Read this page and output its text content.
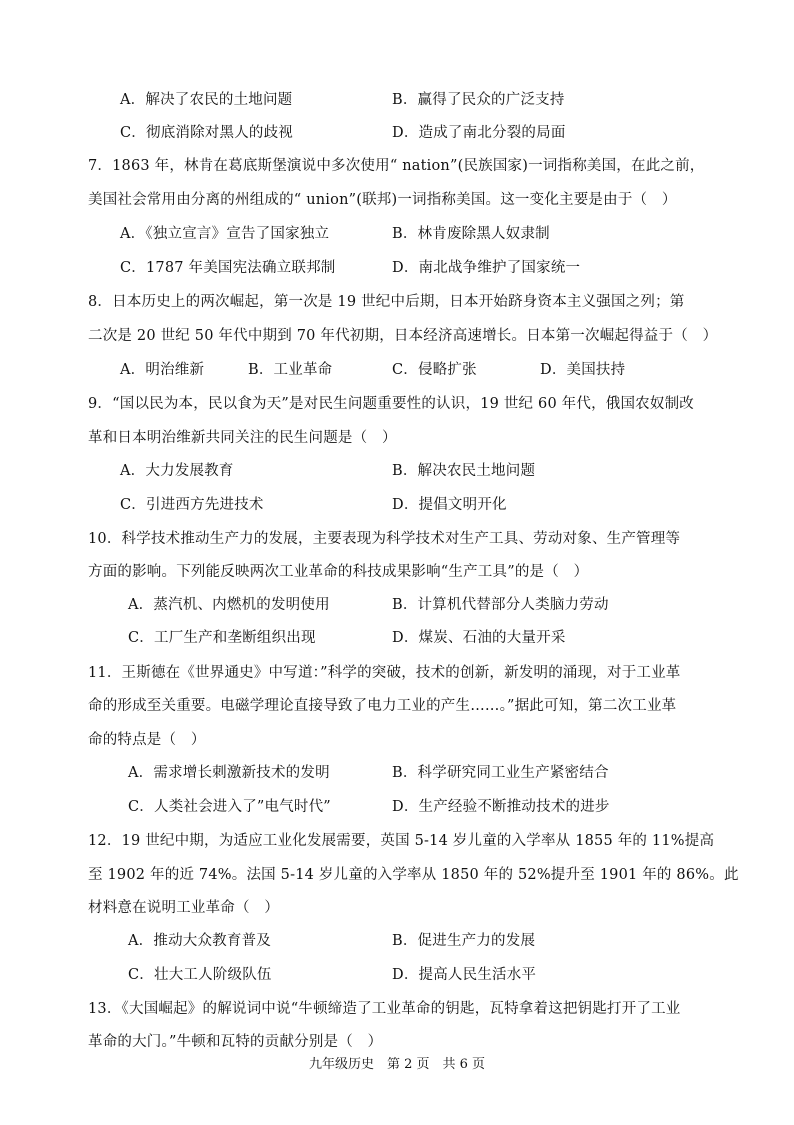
A．解决了农民的土地问题	B．赢得了民众的广泛支持
C．彻底消除对黑人的歧视	D．造成了南北分裂的局面
7．1863 年，林肯在葛底斯堡演说中多次使用“ nation”(民族国家)一词指称美国，在此之前，
美国社会常用由分离的州组成的“ union”(联邦)一词指称美国。这一变化主要是由于（　）
A．《独立宣言》宣告了国家独立	B．林肯废除黑人奴隶制
C．1787 年美国宪法确立联邦制	D．南北战争维护了国家统一
8．日本历史上的两次崛起，第一次是 19 世纪中后期，日本开始跻身资本主义强国之列；第
二次是 20 世纪 50 年代中期到 70 年代初期，日本经济高速增长。日本第一次崛起得益于（　）
A．明治维新	B．工业革命	C．侵略扩张	D．美国扶持
9．“国以民为本，民以食为天”是对民生问题重要性的认识，19 世纪 60 年代，俄国农奴制改
革和日本明治维新共同关注的民生问题是（　）
A．大力发展教育	B．解决农民土地问题
C．引进西方先进技术	D．提倡文明开化
10．科学技术推动生产力的发展，主要表现为科学技术对生产工具、劳动对象、生产管理等
方面的影响。下列能反映两次工业革命的科技成果影响“生产工具”的是（　）
A．蒸汽机、内燃机的发明使用	B．计算机代替部分人类脑力劳动
C．工厂生产和垄断组织出现	D．煤炭、石油的大量开采
11．王斯德在《世界通史》中写道：”科学的突破，技术的创新，新发明的涌现，对于工业革
命的形成至关重要。电磁学理论直接导致了电力工业的产生……。”据此可知，第二次工业革
命的特点是（　）
A．需求增长刺激新技术的发明	B．科学研究同工业生产紧密结合
C．人类社会进入了”电气时代”	D．生产经验不断推动技术的进步
12．19 世纪中期，为适应工业化发展需要，英国 5-14 岁儿童的入学率从 1855 年的 11%提高
至 1902 年的近 74%。法国 5-14 岁儿童的入学率从 1850 年的 52%提升至 1901 年的 86%。此
材料意在说明工业革命（　）
A．推动大众教育普及	B．促进生产力的发展
C．壮大工人阶级队伍	D．提高人民生活水平
13．《大国崛起》的解说词中说“牛顿缔造了工业革命的钥匙，瓦特拿着这把钥匙打开了工业
革命的大门。”牛顿和瓦特的贡献分别是（　）
九年级历史　第 2 页　共 6 页
